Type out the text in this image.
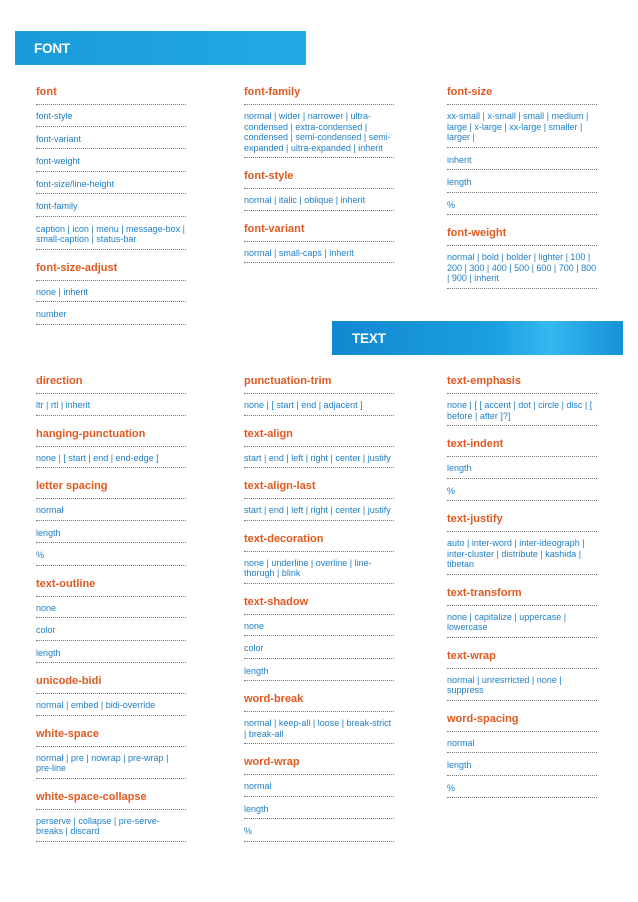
FONT
font
font-style
font-variant
font-weight
font-size/line-height
font-family
caption | icon | menu | message-box | small-caption | status-bar
font-size-adjust
none | inherit
number
font-family
normal | wider | narrower | ultra-condensed | extra-condensed | condensed | semi-condensed | semi-expanded | ultra-expanded | inherit
font-style
normal | italic | oblique | inherit
font-variant
normal | small-caps | inherit
font-size
xx-small | x-small | small | medium | large | x-large | xx-large | smaller | larger |
inherit
length
%
font-weight
normal | bold | bolder | lighter | 100 | 200 | 300 | 400 | 500 | 600 | 700 | 800 | 900 | inherit
TEXT
direction
ltr | rtl | inherit
hanging-punctuation
none | [ start | end | end-edge ]
letter spacing
normal
length
%
text-outline
none
color
length
unicode-bidi
normal | embed | bidi-override
white-space
normal | pre | nowrap | pre-wrap | pre-line
white-space-collapse
perserve | collapse | pre-serve-breaks | discard
punctuation-trim
none | [ start | end | adjacent ]
text-align
start | end | left | right | center | justify
text-align-last
start | end | left | right | center | justify
text-decoration
none | underline | overline | line-thorugh | blink
text-shadow
none
color
length
word-break
normal | keep-all | loose | break-strict | break-all
word-wrap
normal
length
%
text-emphasis
none | [ [ accent | dot | circle | disc | [ before | after ]?]
text-indent
length
%
text-justify
auto | inter-word | inter-ideograph | inter-cluster | distribute | kashida | tibetan
text-transform
none | capitalize | uppercase | lowercase
text-wrap
normal | unresrricted | none | suppress
word-spacing
normal
length
%
